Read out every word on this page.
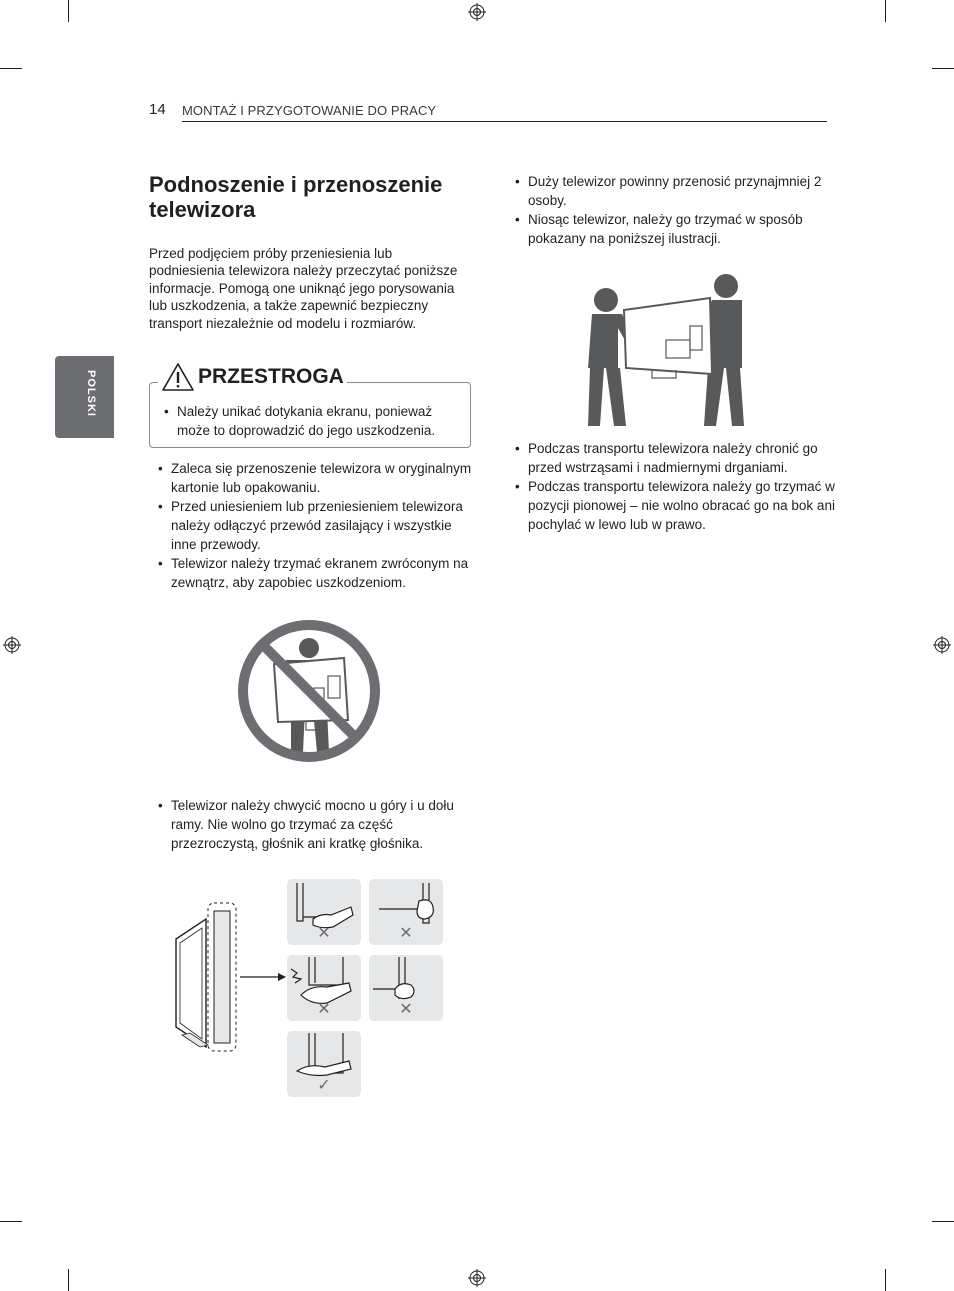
14 MONTAŻ I PRZYGOTOWANIE DO PRACY
POLSKI
Podnoszenie i przenoszenie telewizora
Przed podjęciem próby przeniesienia lub podniesienia telewizora należy przeczytać poniższe informacje. Pomogą one uniknąć jego porysowania lub uszkodzenia, a także zapewnić bezpieczny transport niezależnie od modelu i rozmiarów.
PRZESTROGA
• Należy unikać dotykania ekranu, ponieważ może to doprowadzić do jego uszkodzenia.
• Zaleca się przenoszenie telewizora w oryginalnym kartonie lub opakowaniu.
• Przed uniesieniem lub przeniesieniem telewizora należy odłączyć przewód zasilający i wszystkie inne przewody.
• Telewizor należy trzymać ekranem zwróconym na zewnątrz, aby zapobiec uszkodzeniom.
• Telewizor należy chwycić mocno u góry i u dołu ramy. Nie wolno go trzymać za część przezroczystą, głośnik ani kratkę głośnika.
✕	✕
✕	✕
✓
• Duży telewizor powinny przenosić przynajmniej 2 osoby.
• Niosąc telewizor, należy go trzymać w sposób pokazany na poniższej ilustracji.
• Podczas transportu telewizora należy chronić go przed wstrząsami i nadmiernymi drganiami.
• Podczas transportu telewizora należy go trzymać w pozycji pionowej – nie wolno obracać go na bok ani pochylać w lewo lub w prawo.
